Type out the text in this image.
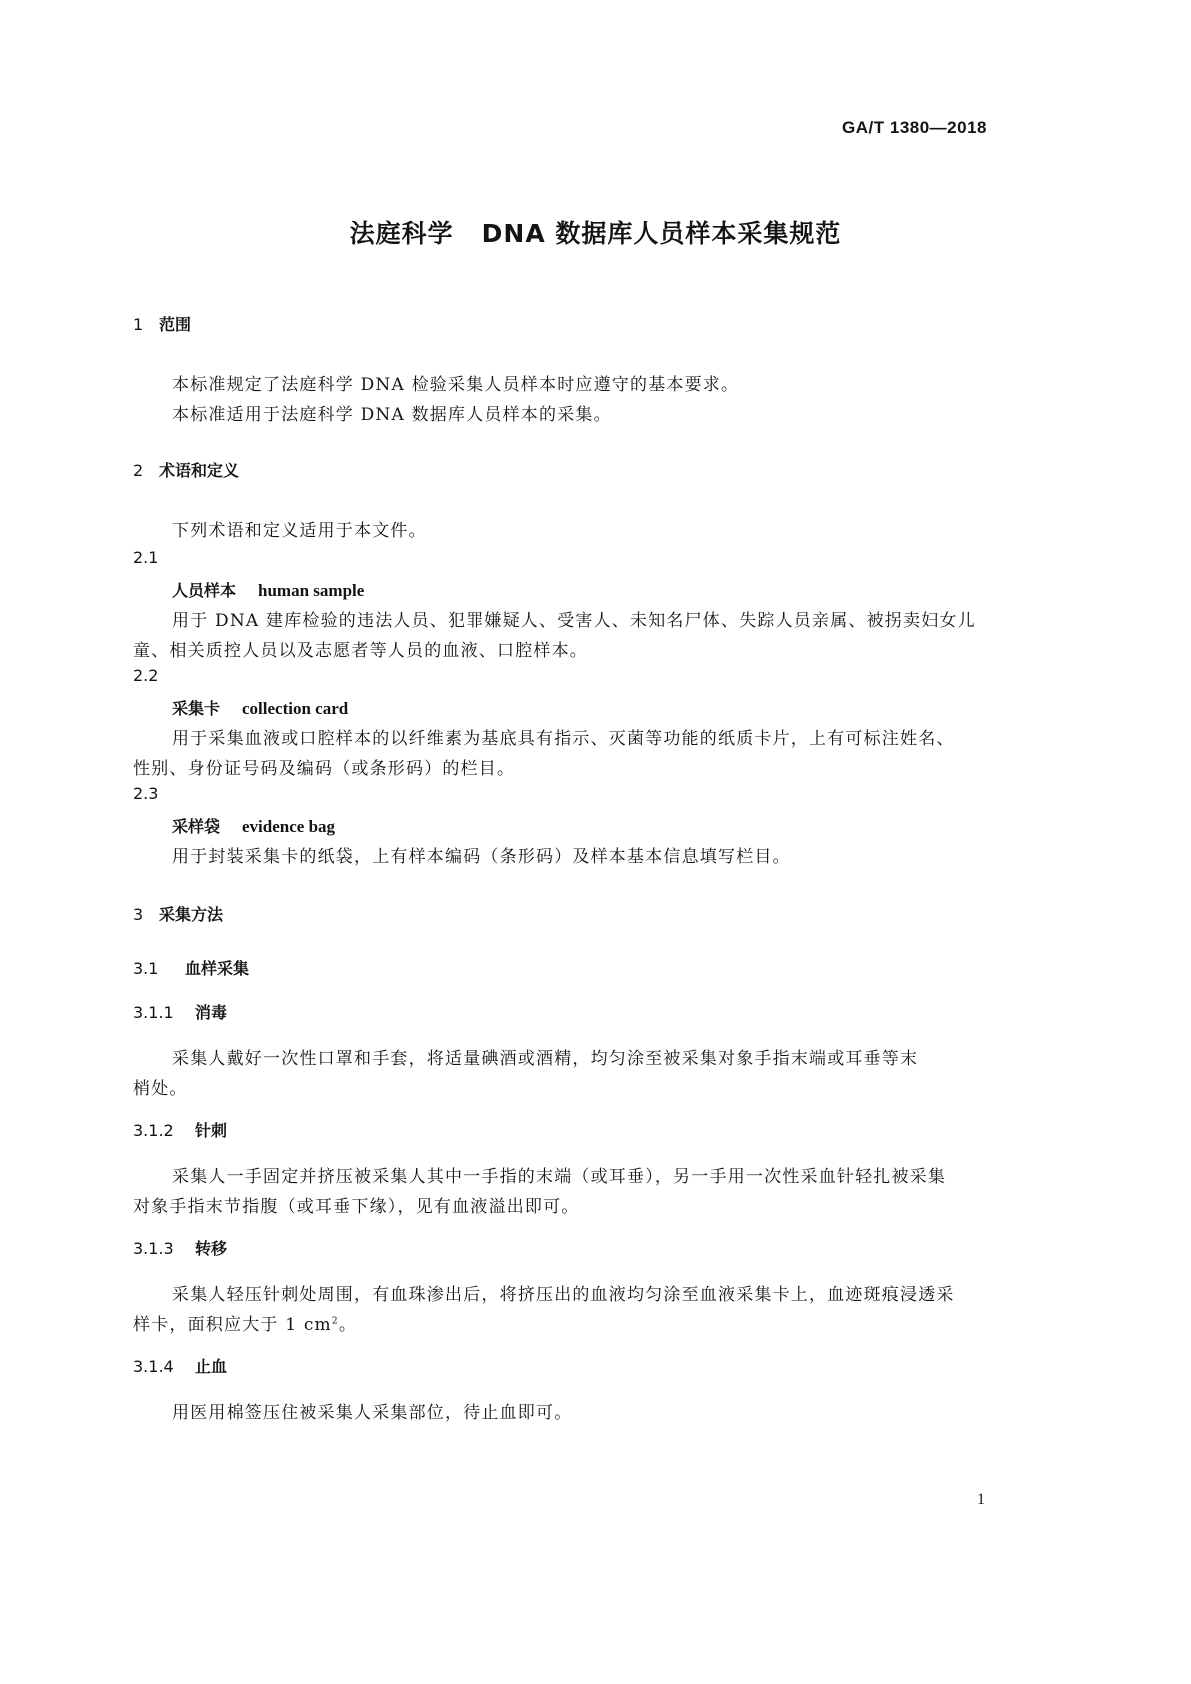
GA/T 1380—2018
法庭科学 DNA 数据库人员样本采集规范
1 范围
本标准规定了法庭科学 DNA 检验采集人员样本时应遵守的基本要求。
本标准适用于法庭科学 DNA 数据库人员样本的采集。
2 术语和定义
下列术语和定义适用于本文件。
2.1
人员样本 human sample
用于 DNA 建库检验的违法人员、犯罪嫌疑人、受害人、未知名尸体、失踪人员亲属、被拐卖妇女儿
童、相关质控人员以及志愿者等人员的血液、口腔样本。
2.2
采集卡 collection card
用于采集血液或口腔样本的以纤维素为基底具有指示、灭菌等功能的纸质卡片，上有可标注姓名、
性别、身份证号码及编码（或条形码）的栏目。
2.3
采样袋 evidence bag
用于封装采集卡的纸袋，上有样本编码（条形码）及样本基本信息填写栏目。
3 采集方法
3.1 血样采集
3.1.1 消毒
采集人戴好一次性口罩和手套，将适量碘酒或酒精，均匀涂至被采集对象手指末端或耳垂等末
梢处。
3.1.2 针刺
采集人一手固定并挤压被采集人其中一手指的末端（或耳垂），另一手用一次性采血针轻扎被采集
对象手指末节指腹（或耳垂下缘），见有血液溢出即可。
3.1.3 转移
采集人轻压针刺处周围，有血珠渗出后，将挤压出的血液均匀涂至血液采集卡上，血迹斑痕浸透采
样卡，面积应大于 1 $cm^2$。
3.1.4 止血
用医用棉签压住被采集人采集部位，待止血即可。
1
